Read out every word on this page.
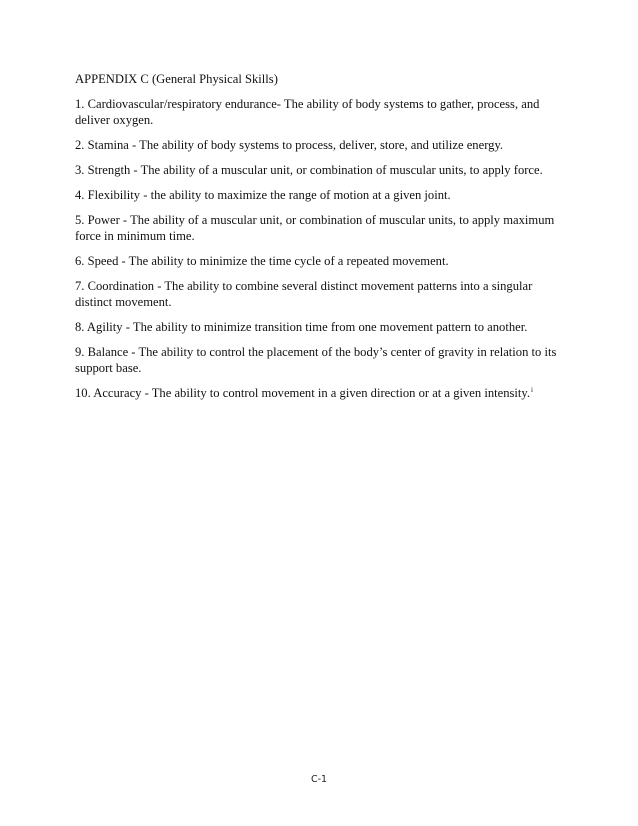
APPENDIX C (General Physical Skills)

1. Cardiovascular/respiratory endurance- The ability of body systems to gather, process, and deliver oxygen.
2. Stamina - The ability of body systems to process, deliver, store, and utilize energy.
3. Strength - The ability of a muscular unit, or combination of muscular units, to apply force.
4. Flexibility - the ability to maximize the range of motion at a given joint.
5. Power - The ability of a muscular unit, or combination of muscular units, to apply maximum force in minimum time.
6. Speed - The ability to minimize the time cycle of a repeated movement.
7. Coordination - The ability to combine several distinct movement patterns into a singular distinct movement.
8. Agility - The ability to minimize transition time from one movement pattern to another.
9. Balance - The ability to control the placement of the body’s center of gravity in relation to its support base.
10. Accuracy - The ability to control movement in a given direction or at a given intensity.$^i$
C-1
